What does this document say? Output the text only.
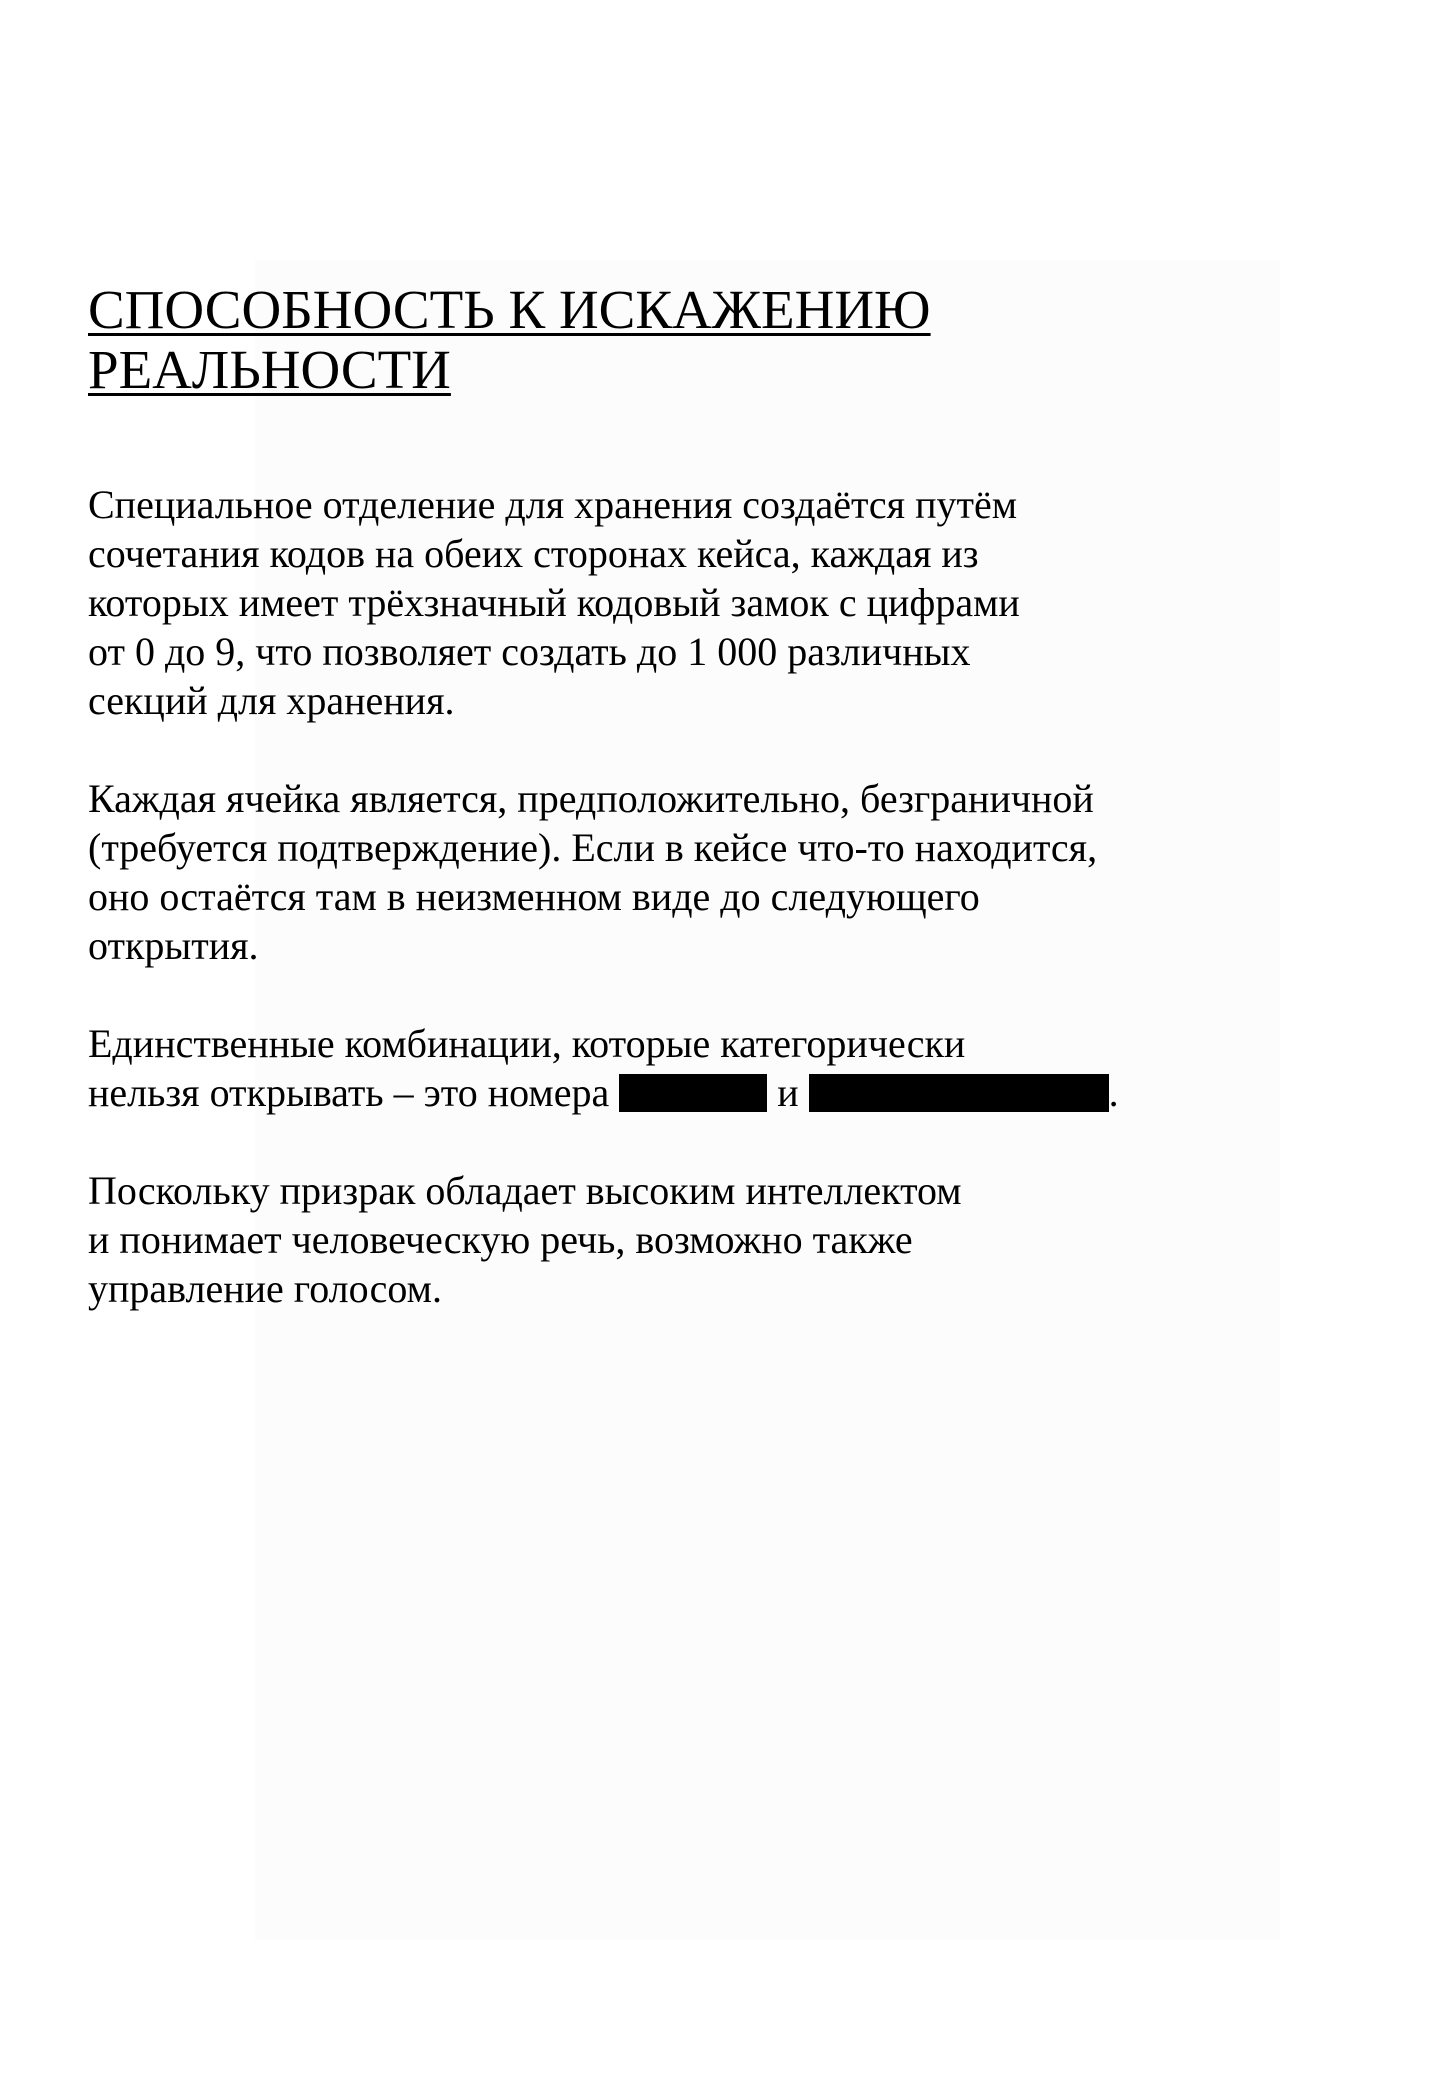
СПОСОБНОСТЬ К ИСКАЖЕНИЮ
РЕАЛЬНОСТИ

Специальное отделение для хранения создаётся путём
сочетания кодов на обеих сторонах кейса, каждая из
которых имеет трёхзначный кодовый замок с цифрами
от 0 до 9, что позволяет создать до 1 000 различных
секций для хранения.

Каждая ячейка является, предположительно, безграничной
(требуется подтверждение). Если в кейсе что-то находится,
оно остаётся там в неизменном виде до следующего
открытия.

Единственные комбинации, которые категорически
нельзя открывать – это номера	и	.

Поскольку призрак обладает высоким интеллектом
и понимает человеческую речь, возможно также
управление голосом.
